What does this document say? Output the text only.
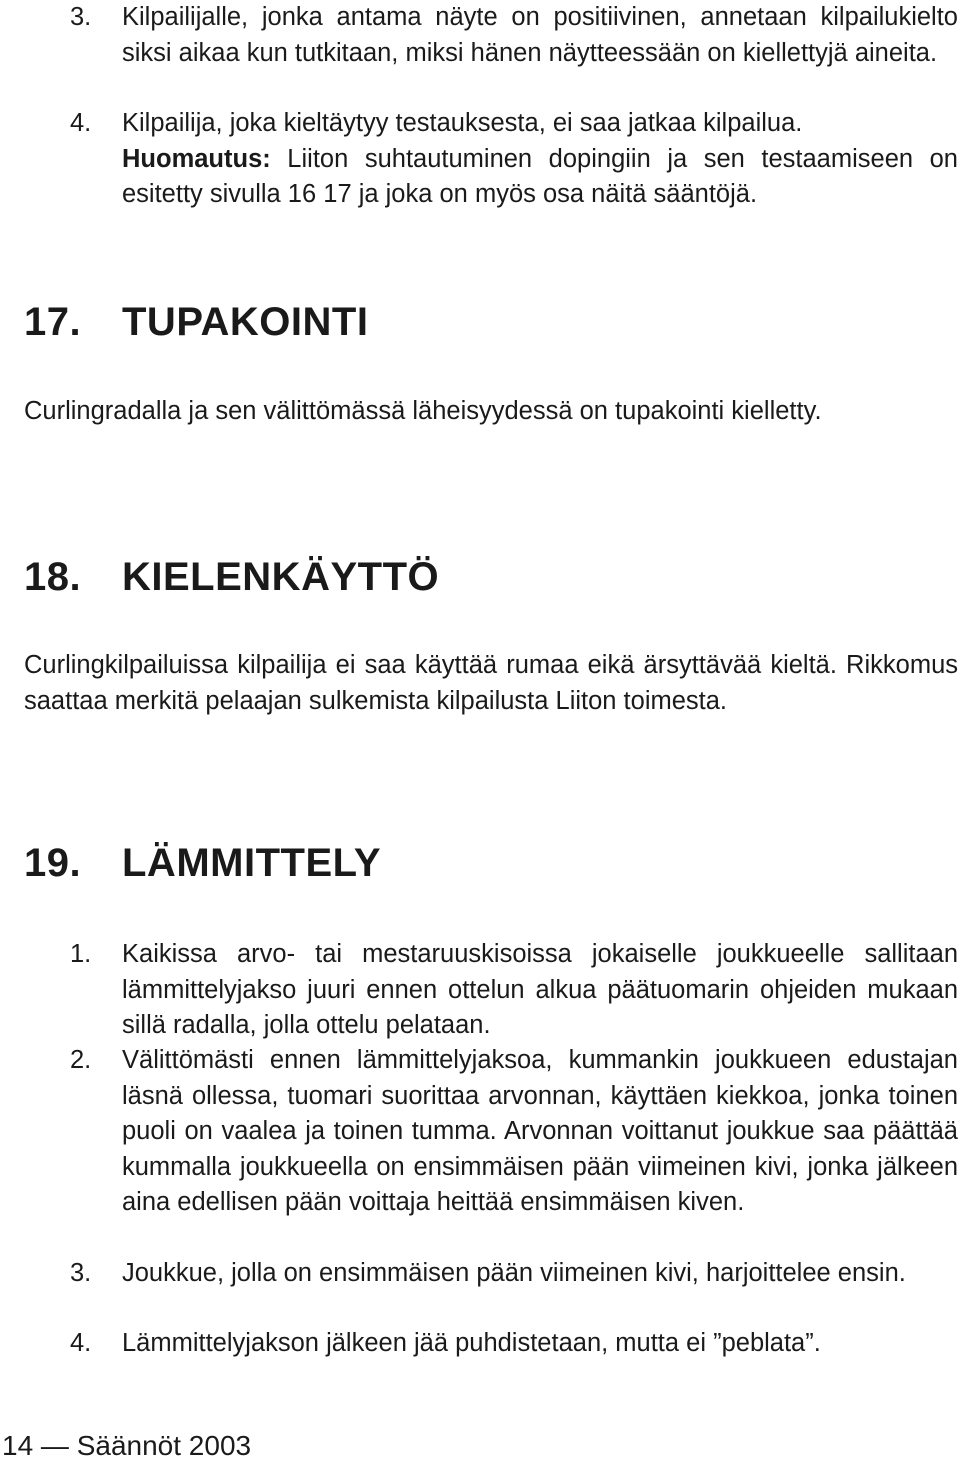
3.	Kilpailijalle, jonka antama näyte on positiivinen, annetaan kilpailukielto siksi aikaa kun tutkitaan, miksi hänen näytteessään on kiellettyjä aineita.
4.	Kilpailija, joka kieltäytyy testauksesta, ei saa jatkaa kilpailua.
Huomautus: Liiton suhtautuminen dopingiin ja sen testaamiseen on esitetty sivulla 16 17 ja joka on myös osa näitä sääntöjä.
17. TUPAKOINTI
Curlingradalla ja sen välittömässä läheisyydessä on tupakointi kielletty.
18. KIELENKÄYTTÖ
Curlingkilpailuissa kilpailija ei saa käyttää rumaa eikä ärsyttävää kieltä. Rikkomus saattaa merkitä pelaajan sulkemista kilpailusta Liiton toimesta.
19. LÄMMITTELY
1.	Kaikissa arvo- tai mestaruuskisoissa jokaiselle joukkueelle sallitaan lämmittelyjakso juuri ennen ottelun alkua päätuomarin ohjeiden mukaan sillä radalla, jolla ottelu pelataan.
2.	Välittömästi ennen lämmittelyjaksoa, kummankin joukkueen edustajan läsnä ollessa, tuomari suorittaa arvonnan, käyttäen kiekkoa, jonka toinen puoli on vaalea ja toinen tumma. Arvonnan voittanut joukkue saa päättää kummalla joukkueella on ensimmäisen pään viimeinen kivi, jonka jälkeen aina edellisen pään voittaja heittää ensimmäisen kiven.
3.	Joukkue, jolla on ensimmäisen pään viimeinen kivi, harjoittelee ensin.
4.	Lämmittelyjakson jälkeen jää puhdistetaan, mutta ei ”peblata”.
14 — Säännöt 2003
